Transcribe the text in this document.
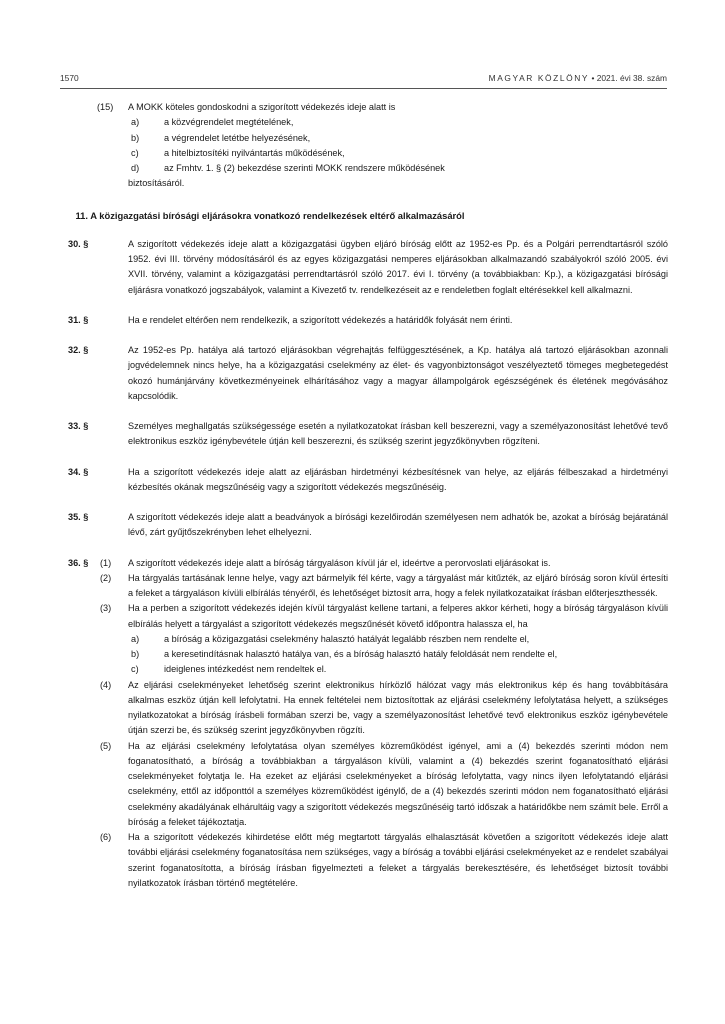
1570	MAGYAR KÖZLÖNY • 2021. évi 38. szám
(15) A MOKK köteles gondoskodni a szigorított védekezés ideje alatt is
a)	a közvégrendelet megtételének,
b)	a végrendelet letétbe helyezésének,
c)	a hitelbiztosítéki nyilvántartás működésének,
d)	az Fmhtv. 1. § (2) bekezdése szerinti MOKK rendszere működésének
biztosításáról.
11. A közigazgatási bírósági eljárásokra vonatkozó rendelkezések eltérő alkalmazásáról
30. §	A szigorított védekezés ideje alatt a közigazgatási ügyben eljáró bíróság előtt az 1952-es Pp. és a Polgári perrendtartásról szóló 1952. évi III. törvény módosításáról és az egyes közigazgatási nemperes eljárásokban alkalmazandó szabályokról szóló 2005. évi XVII. törvény, valamint a közigazgatási perrendtartásról szóló 2017. évi I. törvény (a továbbiakban: Kp.), a közigazgatási bírósági eljárásra vonatkozó jogszabályok, valamint a Kivezető tv. rendelkezéseit az e rendeletben foglalt eltérésekkel kell alkalmazni.
31. §	Ha e rendelet eltérően nem rendelkezik, a szigorított védekezés a határidők folyását nem érinti.
32. §	Az 1952-es Pp. hatálya alá tartozó eljárásokban végrehajtás felfüggesztésének, a Kp. hatálya alá tartozó eljárásokban azonnali jogvédelemnek nincs helye, ha a közigazgatási cselekmény az élet- és vagyonbiztonságot veszélyeztető tömeges megbetegedést okozó humánjárvány következményeinek elhárításához vagy a magyar állampolgárok egészségének és életének megóvásához kapcsolódik.
33. §	Személyes meghallgatás szükségessége esetén a nyilatkozatokat írásban kell beszerezni, vagy a személyazonosítást lehetővé tevő elektronikus eszköz igénybevétele útján kell beszerezni, és szükség szerint jegyzőkönyvben rögzíteni.
34. §	Ha a szigorított védekezés ideje alatt az eljárásban hirdetményi kézbesítésnek van helye, az eljárás félbeszakad a hirdetményi kézbesítés okának megszűnéséig vagy a szigorított védekezés megszűnéséig.
35. §	A szigorított védekezés ideje alatt a beadványok a bírósági kezelőirodán személyesen nem adhatók be, azokat a bíróság bejáratánál lévő, zárt gyűjtőszekrényben lehet elhelyezni.
36. § (1) A szigorított védekezés ideje alatt a bíróság tárgyaláson kívül jár el, ideértve a perorvoslati eljárásokat is.
(2) Ha tárgyalás tartásának lenne helye, vagy azt bármelyik fél kérte, vagy a tárgyalást már kitűzték, az eljáró bíróság soron kívül értesíti a feleket a tárgyaláson kívüli elbírálás tényéről, és lehetőséget biztosít arra, hogy a felek nyilatkozataikat írásban előterjeszthessék.
(3) Ha a perben a szigorított védekezés idején kívül tárgyalást kellene tartani, a felperes akkor kérheti, hogy a bíróság tárgyaláson kívüli elbírálás helyett a tárgyalást a szigorított védekezés megszűnését követő időpontra halassza el, ha
a)	a bíróság a közigazgatási cselekmény halasztó hatályát legalább részben nem rendelte el,
b)	a keresetindításnak halasztó hatálya van, és a bíróság halasztó hatály feloldását nem rendelte el,
c)	ideiglenes intézkedést nem rendeltek el.
(4) Az eljárási cselekményeket lehetőség szerint elektronikus hírközlő hálózat vagy más elektronikus kép és hang továbbítására alkalmas eszköz útján kell lefolytatni. Ha ennek feltételei nem biztosítottak az eljárási cselekmény lefolytatása helyett, a szükséges nyilatkozatokat a bíróság írásbeli formában szerzi be, vagy a személyazonosítást lehetővé tevő elektronikus eszköz igénybevétele útján szerzi be, és szükség szerint jegyzőkönyvben rögzíti.
(5) Ha az eljárási cselekmény lefolytatása olyan személyes közreműködést igényel, ami a (4) bekezdés szerinti módon nem foganatosítható, a bíróság a továbbiakban a tárgyaláson kívüli, valamint a (4) bekezdés szerint foganatosítható eljárási cselekményeket folytatja le. Ha ezeket az eljárási cselekményeket a bíróság lefolytatta, vagy nincs ilyen lefolytatandó eljárási cselekmény, ettől az időponttól a személyes közreműködést igénylő, de a (4) bekezdés szerinti módon nem foganatosítható eljárási cselekmény akadályának elhárultáig vagy a szigorított védekezés megszűnéséig tartó időszak a határidőkbe nem számít bele. Erről a bíróság a feleket tájékoztatja.
(6) Ha a szigorított védekezés kihirdetése előtt még megtartott tárgyalás elhalasztását követően a szigorított védekezés ideje alatt további eljárási cselekmény foganatosítása nem szükséges, vagy a bíróság a további eljárási cselekményeket az e rendelet szabályai szerint foganatosította, a bíróság írásban figyelmezteti a feleket a tárgyalás berekesztésére, és lehetőséget biztosít további nyilatkozatok írásban történő megtételére.
